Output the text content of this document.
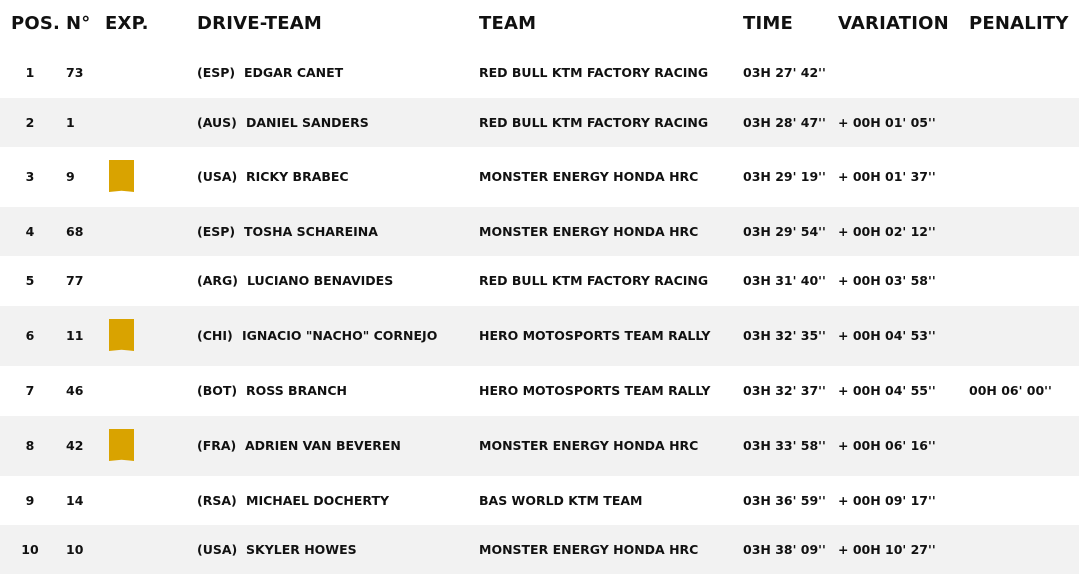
POS. N° EXP.	DRIVE-TEAM	TEAM	TIME	VARIATION PENALITY
1	73	(ESP) EDGAR CANET	RED BULL KTM FACTORY RACING	03H 27' 42''
2	1	(AUS) DANIEL SANDERS	RED BULL KTM FACTORY RACING	03H 28' 47'' + 00H 01' 05''
3	9	(USA) RICKY BRABEC	MONSTER ENERGY HONDA HRC	03H 29' 19'' + 00H 01' 37''
4	68	(ESP) TOSHA SCHAREINA	MONSTER ENERGY HONDA HRC	03H 29' 54'' + 00H 02' 12''
5	77	(ARG) LUCIANO BENAVIDES	RED BULL KTM FACTORY RACING	03H 31' 40'' + 00H 03' 58''
6	11	(CHI) IGNACIO "NACHO" CORNEJO	HERO MOTOSPORTS TEAM RALLY	03H 32' 35'' + 00H 04' 53''
7	46	(BOT) ROSS BRANCH	HERO MOTOSPORTS TEAM RALLY	03H 32' 37'' + 00H 04' 55''	00H 06' 00''
8	42	(FRA) ADRIEN VAN BEVEREN	MONSTER ENERGY HONDA HRC	03H 33' 58'' + 00H 06' 16''
9	14	(RSA) MICHAEL DOCHERTY	BAS WORLD KTM TEAM	03H 36' 59'' + 00H 09' 17''
10 10	(USA) SKYLER HOWES	MONSTER ENERGY HONDA HRC	03H 38' 09'' + 00H 10' 27''
